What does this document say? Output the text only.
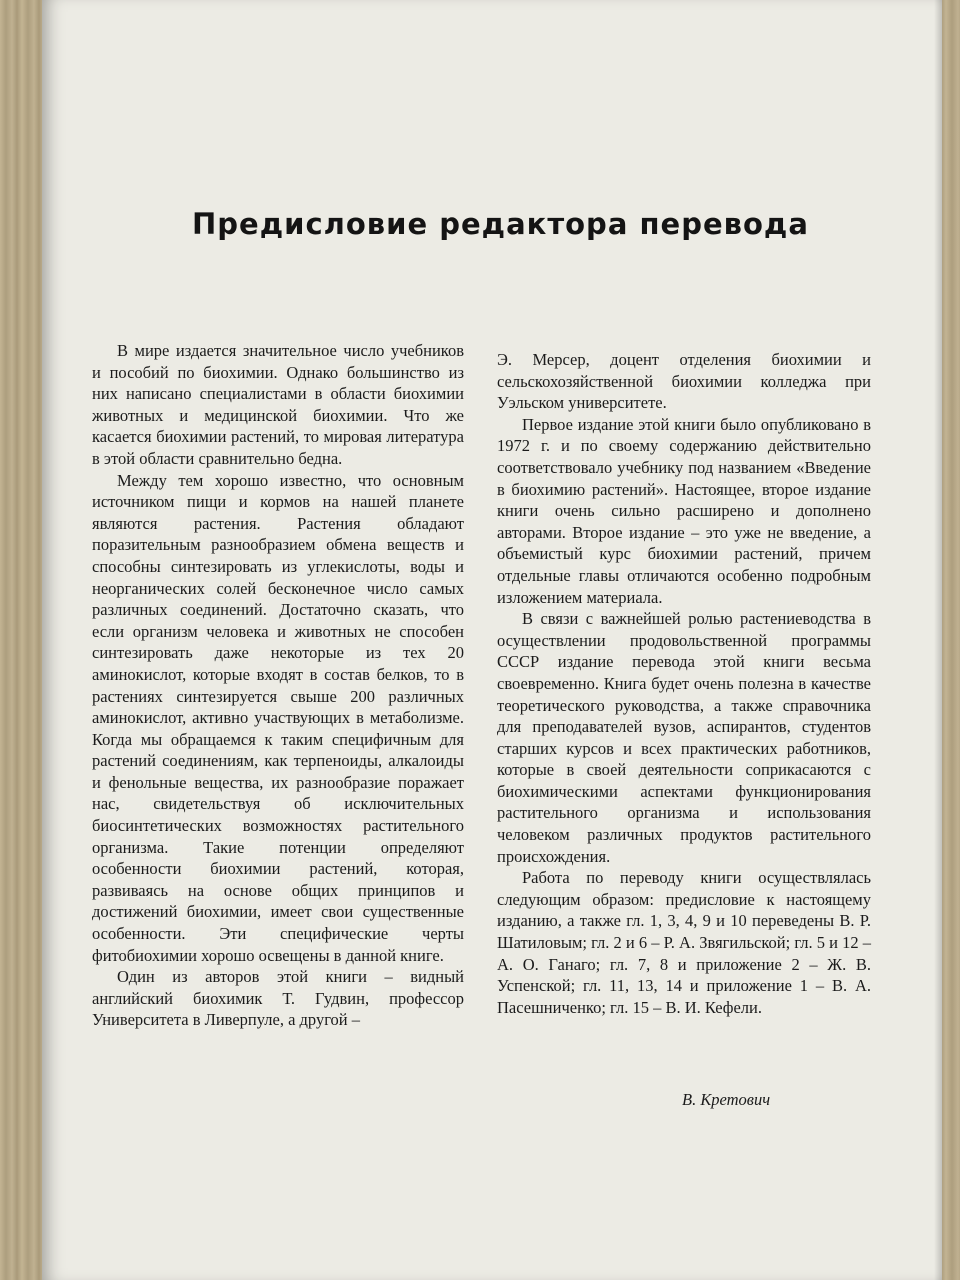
Предисловие редактора перевода

В мире издается значительное число учебников и пособий по биохимии. Однако большинство из них написано специалистами в области биохимии животных и медицинской биохимии. Что же касается биохимии растений, то мировая литература в этой области сравнительно бедна.

Между тем хорошо известно, что основным источником пищи и кормов на нашей планете являются растения. Растения обладают поразительным разнообразием обмена веществ и способны синтезировать из углекислоты, воды и неорганических солей бесконечное число самых различных соединений. Достаточно сказать, что если организм человека и животных не способен синтезировать даже некоторые из тех 20 аминокислот, которые входят в состав белков, то в растениях синтезируется свыше 200 различных аминокислот, активно участвующих в метаболизме. Когда мы обращаемся к таким специфичным для растений соединениям, как терпеноиды, алкалоиды и фенольные вещества, их разнообразие поражает нас, свидетельствуя об исключительных биосинтетических возможностях растительного организма. Такие потенции определяют особенности биохимии растений, которая, развиваясь на основе общих принципов и достижений биохимии, имеет свои существенные особенности. Эти специфические черты фитобиохимии хорошо освещены в данной книге.

Один из авторов этой книги – видный английский биохимик Т. Гудвин, профессор Университета в Ливерпуле, а другой –

Э. Мерсер, доцент отделения биохимии и сельскохозяйственной биохимии колледжа при Уэльском университете.

Первое издание этой книги было опубликовано в 1972 г. и по своему содержанию действительно соответствовало учебнику под названием «Введение в биохимию растений». Настоящее, второе издание книги очень сильно расширено и дополнено авторами. Второе издание – это уже не введение, а объемистый курс биохимии растений, причем отдельные главы отличаются особенно подробным изложением материала.

В связи с важнейшей ролью растениеводства в осуществлении продовольственной программы СССР издание перевода этой книги весьма своевременно. Книга будет очень полезна в качестве теоретического руководства, а также справочника для преподавателей вузов, аспирантов, студентов старших курсов и всех практических работников, которые в своей деятельности соприкасаются с биохимическими аспектами функционирования растительного организма и использования человеком различных продуктов растительного происхождения.

Работа по переводу книги осуществлялась следующим образом: предисловие к настоящему изданию, а также гл. 1, 3, 4, 9 и 10 переведены В. Р. Шатиловым; гл. 2 и 6 – Р. А. Звягильской; гл. 5 и 12 – А. О. Ганаго; гл. 7, 8 и приложение 2 – Ж. В. Успенской; гл. 11, 13, 14 и приложение 1 – В. А. Пасешниченко; гл. 15 – В. И. Кефели.

В. Кретович
